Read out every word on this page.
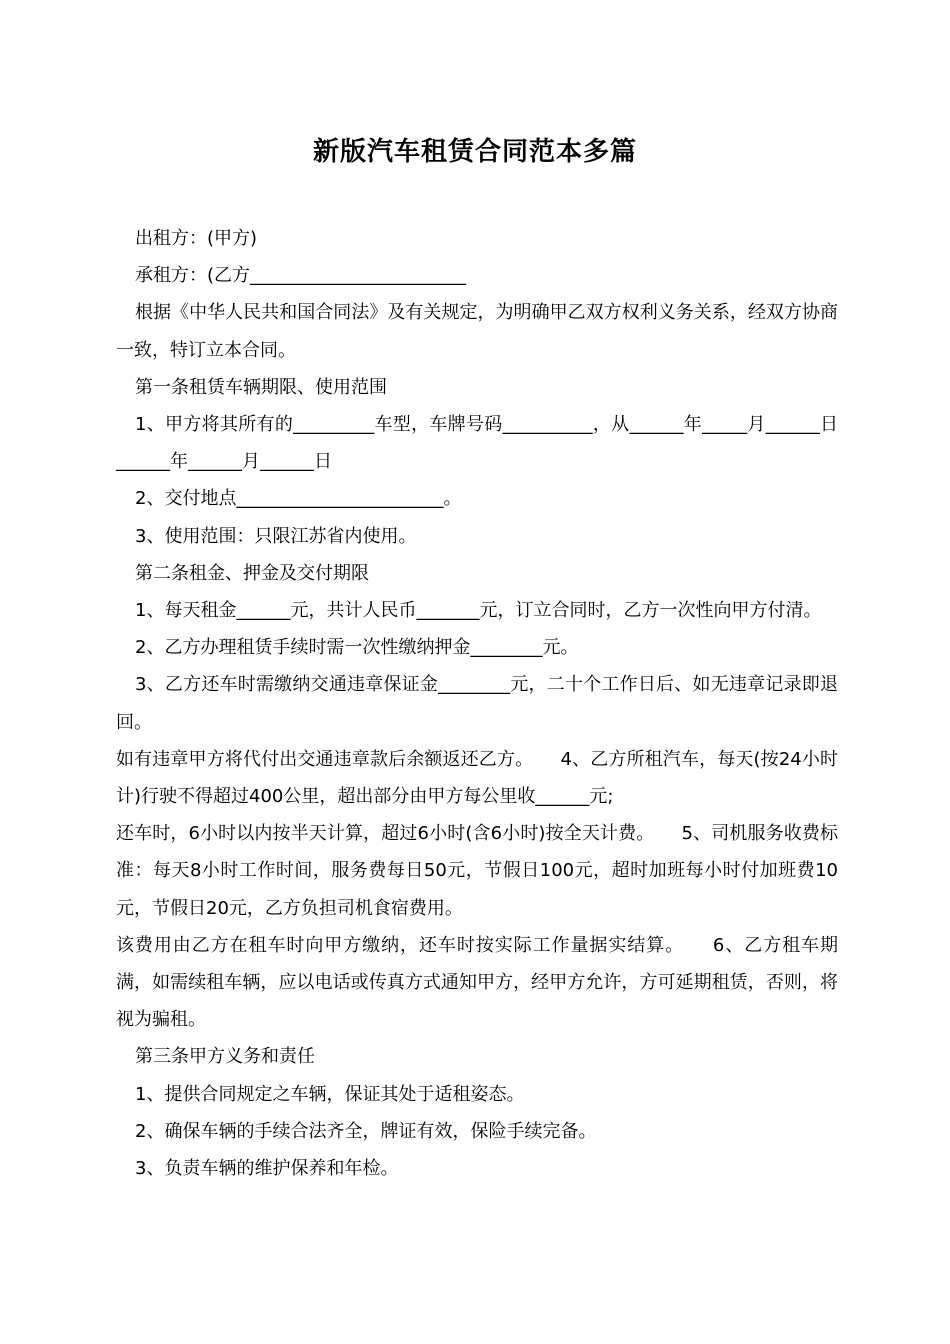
新版汽车租赁合同范本多篇

出租方：(甲方)

承租方：(乙方________________________

根据《中华人民共和国合同法》及有关规定，为明确甲乙双方权利义务关系，经双方协商一致，特订立本合同。

第一条租赁车辆期限、使用范围

1、甲方将其所有的_________车型，车牌号码__________，从______年_____月______日______年______月______日

2、交付地点_______________________。

3、使用范围：只限江苏省内使用。

第二条租金、押金及交付期限

1、每天租金______元，共计人民币_______元，订立合同时，乙方一次性向甲方付清。

2、乙方办理租赁手续时需一次性缴纳押金________元。

3、乙方还车时需缴纳交通违章保证金________元，二十个工作日后、如无违章记录即退回。

如有违章甲方将代付出交通违章款后余额返还乙方。　　4、乙方所租汽车，每天(按24小时计)行驶不得超过400公里，超出部分由甲方每公里收______元;

还车时，6小时以内按半天计算，超过6小时(含6小时)按全天计费。　　5、司机服务收费标准：每天8小时工作时间，服务费每日50元，节假日100元，超时加班每小时付加班费10元，节假日20元，乙方负担司机食宿费用。

该费用由乙方在租车时向甲方缴纳，还车时按实际工作量据实结算。　　6、乙方租车期满，如需续租车辆，应以电话或传真方式通知甲方，经甲方允许，方可延期租赁，否则，将视为骗租。

第三条甲方义务和责任

1、提供合同规定之车辆，保证其处于适租姿态。

2、确保车辆的手续合法齐全，牌证有效，保险手续完备。

3、负责车辆的维护保养和年检。
